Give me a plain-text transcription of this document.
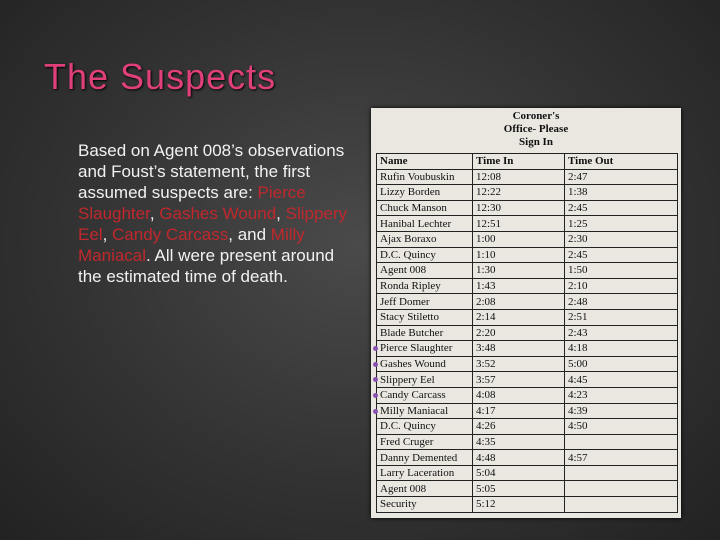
The Suspects
Based on Agent 008’s observations and Foust’s statement, the first assumed suspects are: Pierce Slaughter, Gashes Wound, Slippery Eel, Candy Carcass, and Milly Maniacal. All were present around the estimated time of death.
Coroner's
Office- Please
Sign In
Name	Time In	Time Out
Rufin Voubuskin	12:08	2:47
Lizzy Borden	12:22	1:38
Chuck Manson	12:30	2:45
Hanibal Lechter	12:51	1:25
Ajax Boraxo	1:00	2:30
D.C. Quincy	1:10	2:45
Agent 008	1:30	1:50
Ronda Ripley	1:43	2:10
Jeff Domer	2:08	2:48
Stacy Stiletto	2:14	2:51
Blade Butcher	2:20	2:43

Pierce Slaughter	3:48	4:18

Gashes Wound	3:52	5:00

Slippery Eel	3:57	4:45

Candy Carcass	4:08	4:23

Milly Maniacal	4:17	4:39
D.C. Quincy	4:26	4:50
Fred Cruger	4:35	
Danny Demented	4:48	4:57
Larry Laceration	5:04	
Agent 008	5:05	
Security	5:12	
